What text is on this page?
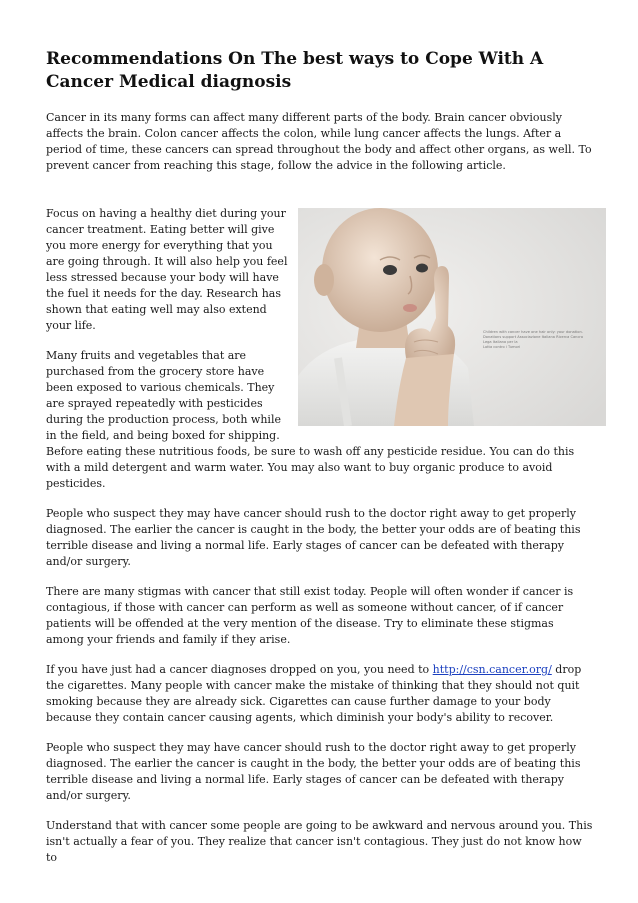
Recommendations On The best ways to Cope With A Cancer Medical diagnosis

Cancer in its many forms can affect many different parts of the body. Brain cancer obviously affects the brain. Colon cancer affects the colon, while lung cancer affects the lungs. After a period of time, these cancers can spread throughout the body and affect other organs, as well. To prevent cancer from reaching this stage, follow the advice in the following article.

Children with cancer have one hair only: your donation.
Donations support Associazione Italiana Ricerca Cancro
Lega Italiana per la
Lotta contro i Tumori

Focus on having a healthy diet during your cancer treatment. Eating better will give you more energy for everything that you are going through. It will also help you feel less stressed because your body will have the fuel it needs for the day. Research has shown that eating well may also extend your life.

Many fruits and vegetables that are purchased from the grocery store have been exposed to various chemicals. They are sprayed repeatedly with pesticides during the production process, both while in the field, and being boxed for shipping. Before eating these nutritious foods, be sure to wash off any pesticide residue. You can do this with a mild detergent and warm water. You may also want to buy organic produce to avoid pesticides.

People who suspect they may have cancer should rush to the doctor right away to get properly diagnosed. The earlier the cancer is caught in the body, the better your odds are of beating this terrible disease and living a normal life. Early stages of cancer can be defeated with therapy and/or surgery.

There are many stigmas with cancer that still exist today. People will often wonder if cancer is contagious, if those with cancer can perform as well as someone without cancer, of if cancer patients will be offended at the very mention of the disease. Try to eliminate these stigmas among your friends and family if they arise.

If you have just had a cancer diagnoses dropped on you, you need to http://csn.cancer.org/ drop the cigarettes. Many people with cancer make the mistake of thinking that they should not quit smoking because they are already sick. Cigarettes can cause further damage to your body because they contain cancer causing agents, which diminish your body's ability to recover.

People who suspect they may have cancer should rush to the doctor right away to get properly diagnosed. The earlier the cancer is caught in the body, the better your odds are of beating this terrible disease and living a normal life. Early stages of cancer can be defeated with therapy and/or surgery.

Understand that with cancer some people are going to be awkward and nervous around you. This isn't actually a fear of you. They realize that cancer isn't contagious. They just do not know how to
